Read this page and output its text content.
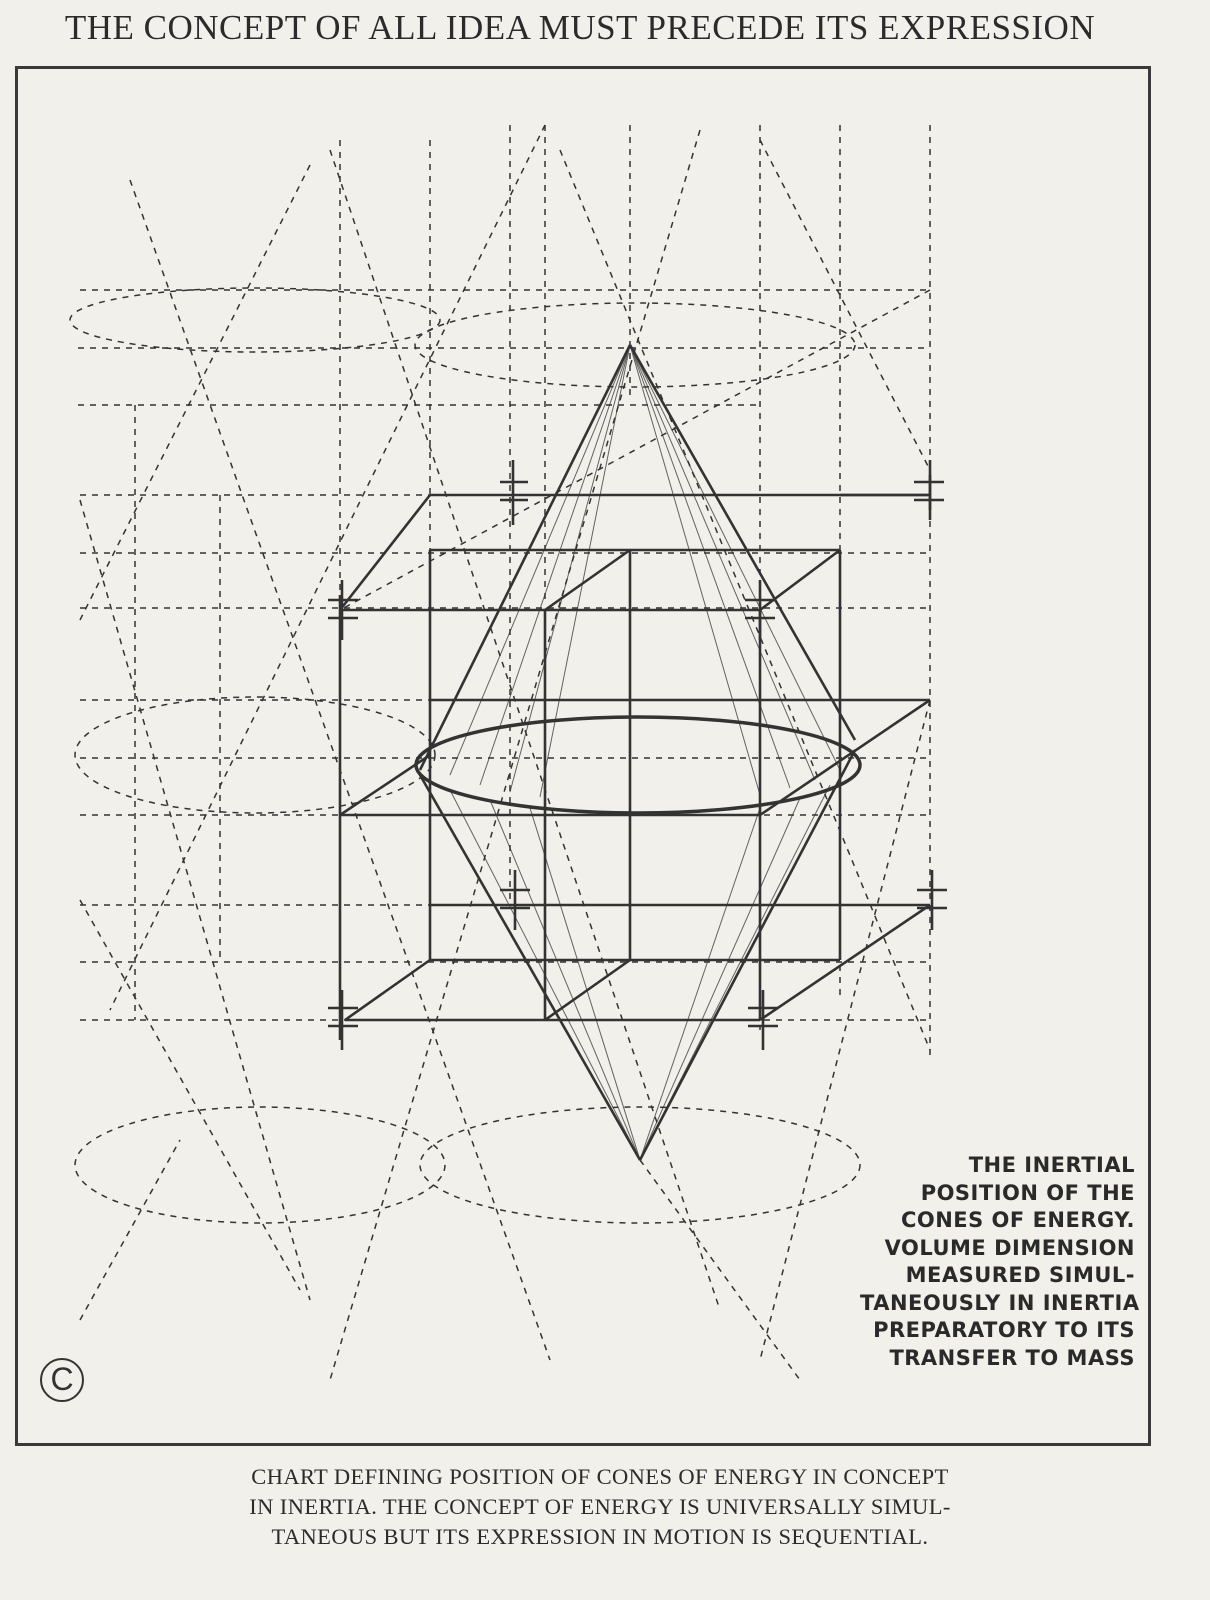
THE CONCEPT OF ALL IDEA MUST PRECEDE ITS EXPRESSION
THE INERTIAL
POSITION OF THE
CONES OF ENERGY.
VOLUME DIMENSION
MEASURED SIMUL-
TANEOUSLY IN INERTIA
PREPARATORY TO ITS
TRANSFER TO MASS
C
CHART DEFINING POSITION OF CONES OF ENERGY IN CONCEPT
IN INERTIA. THE CONCEPT OF ENERGY IS UNIVERSALLY SIMUL-
TANEOUS BUT ITS EXPRESSION IN MOTION IS SEQUENTIAL.
